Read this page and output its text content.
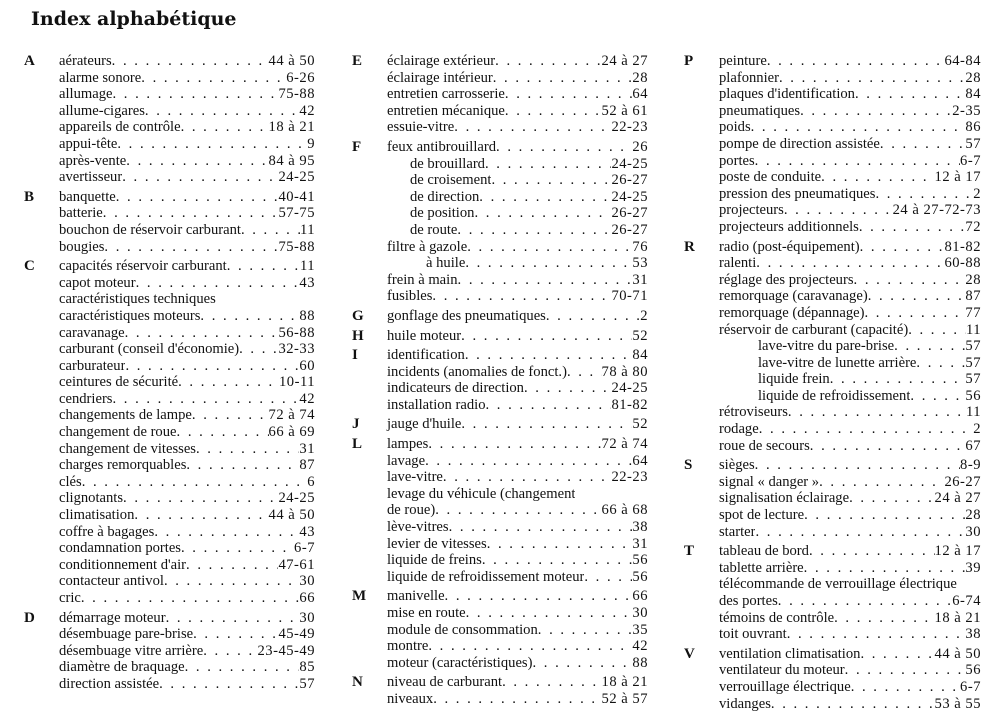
Index alphabétique
A	aérateurs . . .	44 à 50
alarme sonore . . .	6-26
allumage . . .	75-88
allume-cigares . . .	42
appareils de contrôle . . .	18 à 21
appui-tête . . .	9
après-vente . . .	84 à 95
avertisseur . . .	24-25
B	banquette . . .	40-41
batterie . . .	57-75
bouchon de réservoir carburant . . .	11
bougies . . .	75-88
C	capacités réservoir carburant . . .	11
capot moteur . . .	43
caractéristiques techniques
caractéristiques moteurs . . .	88
caravanage . . .	56-88
carburant (conseil d'économie) . . .	32-33
carburateur . . .	60
ceintures de sécurité . . .	10-11
cendriers . . .	42
changements de lampe . . .	72 à 74
changement de roue . . .	66 à 69
changement de vitesses . . .	31
charges remorquables . . .	87
clés . . .	6
clignotants . . .	24-25
climatisation . . .	44 à 50
coffre à bagages . . .	43
condamnation portes . . .	6-7
conditionnement d'air . . .	47-61
contacteur antivol . . .	30
cric . . .	66
D	démarrage moteur . . .	30
désembuage pare-brise . . .	45-49
désembuage vitre arrière . . .	23-45-49
diamètre de braquage . . .	85
direction assistée . . .	57
E	éclairage extérieur . . .	24 à 27
éclairage intérieur . . .	28
entretien carrosserie . . .	64
entretien mécanique . . .	52 à 61
essuie-vitre . . .	22-23
F	feux antibrouillard . . .	26
de brouillard . . .	24-25
de croisement . . .	26-27
de direction . . .	24-25
de position . . .	26-27
de route . . .	26-27
filtre à gazole . . .	76
à huile . . .	53
frein à main . . .	31
fusibles . . .	70-71
G	gonflage des pneumatiques . . .	2
H	huile moteur . . .	52
I	identification . . .	84
incidents (anomalies de fonct.) . . . 78 à 80
indicateurs de direction . . .	24-25
installation radio . . .	81-82
J	jauge d'huile . . .	52
L	lampes . . .	72 à 74
lavage . . .	64
lave-vitre . . .	22-23
levage du véhicule (changement
de roue) . . .	66 à 68
lève-vitres . . .	38
levier de vitesses . . .	31
liquide de freins . . .	56
liquide de refroidissement moteur . . .	56
M	manivelle . . .	66
mise en route . . .	30
module de consommation . . .	35
montre . . .	42
moteur (caractéristiques) . . .	88
N	niveau de carburant . . .	18 à 21
niveaux . . .	52 à 57
P	peinture . . .	64-84
plafonnier . . .	28
plaques d'identification . . .	84
pneumatiques . . .	2-35
poids . . .	86
pompe de direction assistée . . .	57
portes . . .	6-7
poste de conduite . . .	12 à 17
pression des pneumatiques . . .	2
projecteurs . . .	24 à 27-72-73
projecteurs additionnels . . .	72
R	radio (post-équipement) . . .	81-82
ralenti . . .	60-88
réglage des projecteurs . . .	28
remorquage (caravanage) . . .	87
remorquage (dépannage) . . .	77
réservoir de carburant (capacité) . . .	11
lave-vitre du pare-brise . . .	57
lave-vitre de lunette arrière . . .	57
liquide frein . . .	57
liquide de refroidissement . . .	56
rétroviseurs . . .	11
rodage . . .	2
roue de secours . . .	67
S	sièges . . .	8-9
signal « danger » . . .	26-27
signalisation éclairage . . .	24 à 27
spot de lecture . . .	28
starter . . .	30
T	tableau de bord . . .	12 à 17
tablette arrière . . .	39
télécommande de verrouillage électrique
des portes . . .	6-74
témoins de contrôle . . .	18 à 21
toit ouvrant . . .	38
V	ventilation climatisation . . .	44 à 50
ventilateur du moteur . . .	56
verrouillage électrique . . .	6-7
vidanges . . .	53 à 55
